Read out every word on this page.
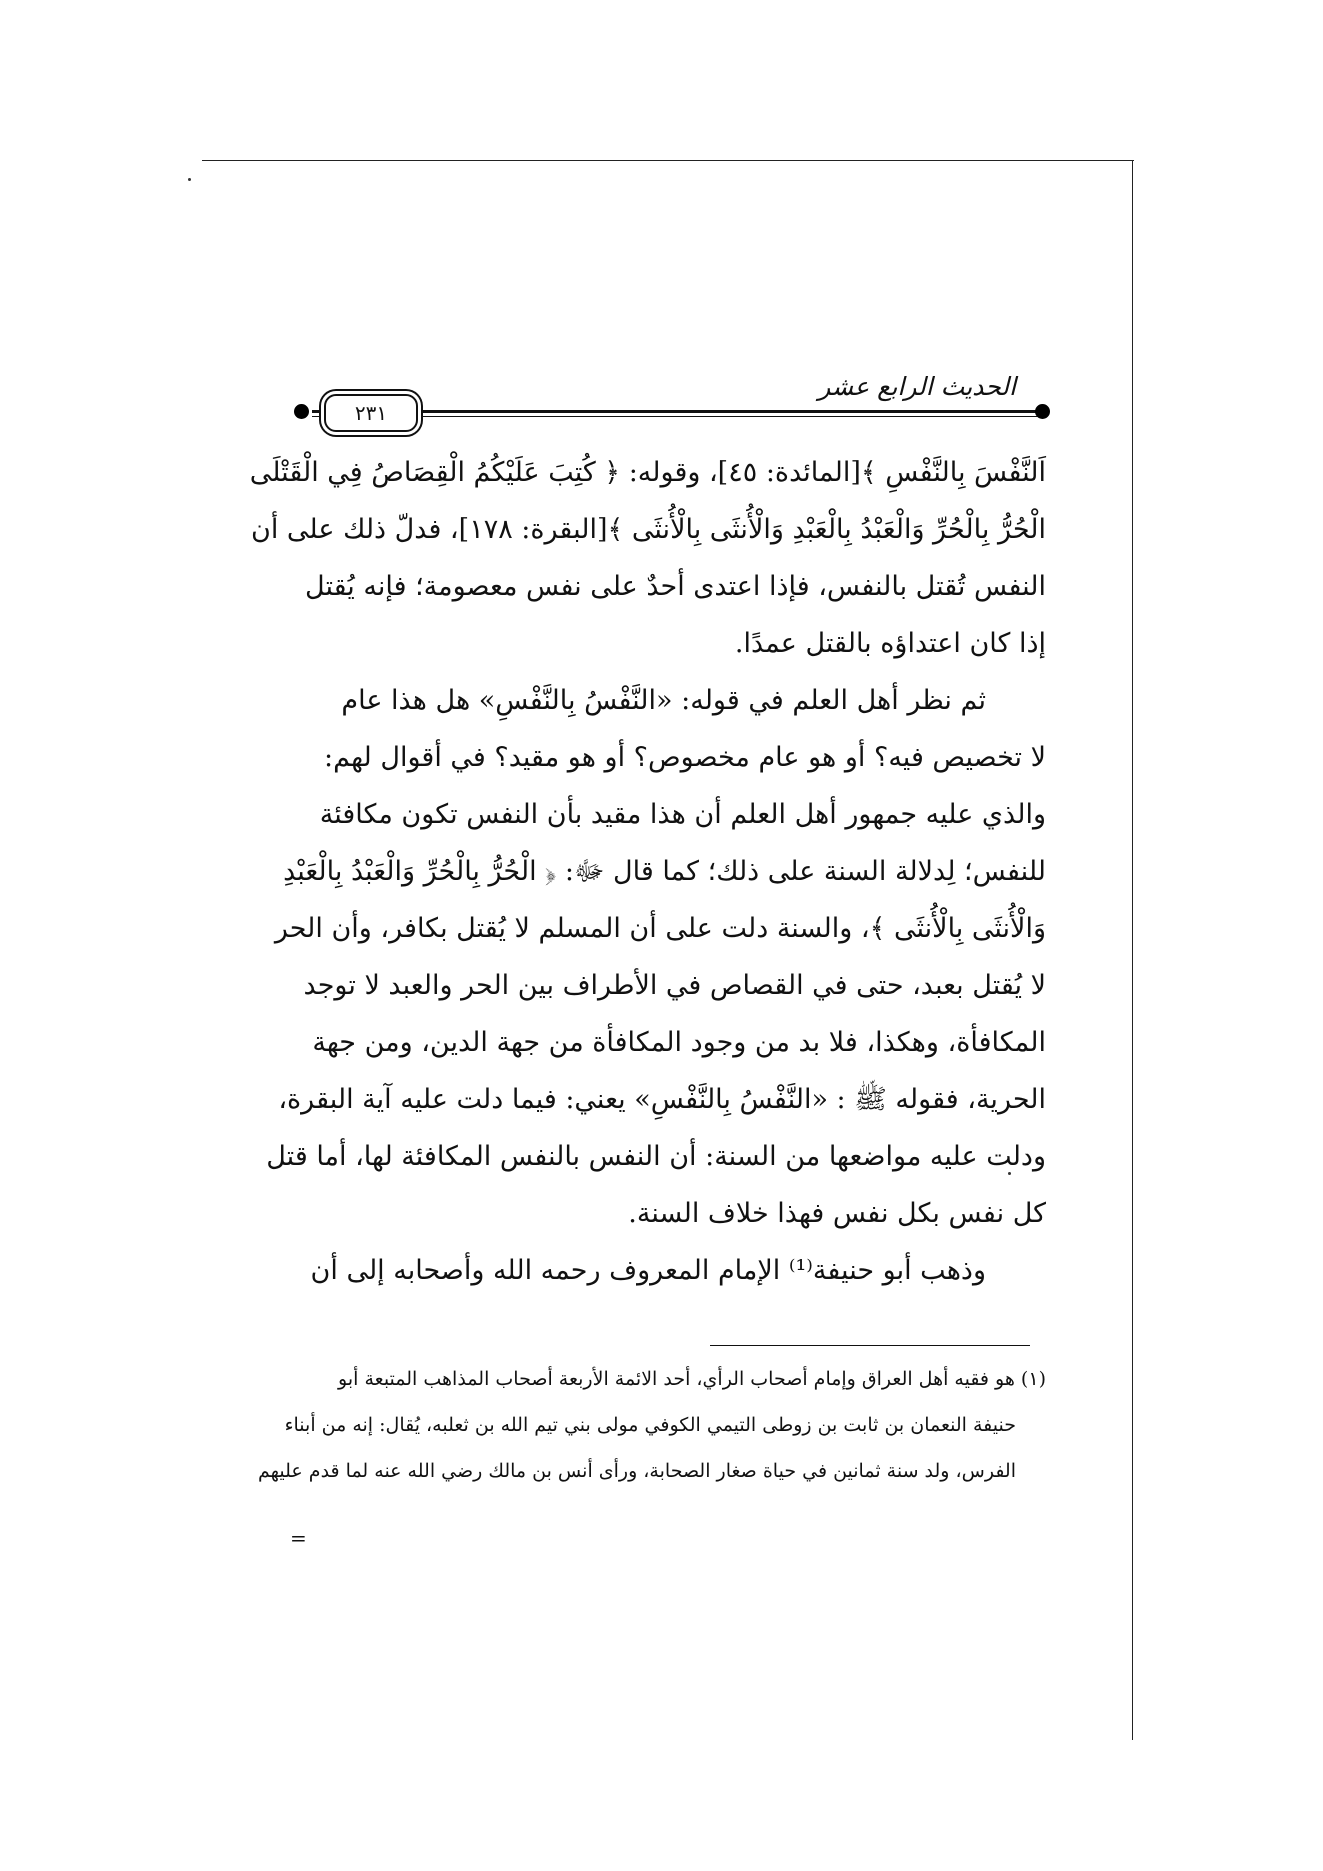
٢٣١
الحديث الرابع عشر
اَلنَّفْسَ بِالنَّفْسِ ﴾[المائدة: ٤٥]، وقوله: ﴿ كُتِبَ عَلَيْكُمُ الْقِصَاصُ فِي الْقَتْلَى
الْحُرُّ بِالْحُرِّ وَالْعَبْدُ بِالْعَبْدِ وَالْأُنثَى بِالْأُنثَى ﴾[البقرة: ١٧٨]، فدلّ ذلك على أن
النفس تُقتل بالنفس، فإذا اعتدى أحدٌ على نفس معصومة؛ فإنه يُقتل
إذا كان اعتداؤه بالقتل عمدًا.
ثم نظر أهل العلم في قوله: «النَّفْسُ بِالنَّفْسِ» هل هذا عام
لا تخصيص فيه؟ أو هو عام مخصوص؟ أو هو مقيد؟ في أقوال لهم:
والذي عليه جمهور أهل العلم أن هذا مقيد بأن النفس تكون مكافئة
للنفس؛ لِدلالة السنة على ذلك؛ كما قال ﷻ: ﴿ الْحُرُّ بِالْحُرِّ وَالْعَبْدُ بِالْعَبْدِ
وَالْأُنثَى بِالْأُنثَى ﴾، والسنة دلت على أن المسلم لا يُقتل بكافر، وأن الحر
لا يُقتل بعبد، حتى في القصاص في الأطراف بين الحر والعبد لا توجد
المكافأة، وهكذا، فلا بد من وجود المكافأة من جهة الدين، ومن جهة
الحرية، فقوله ﷺ : «النَّفْسُ بِالنَّفْسِ» يعني: فيما دلت عليه آية البقرة،
ودلت عليه مواضعها من السنة: أن النفس بالنفس المكافئة لها، أما قتل
كل نفس بكل نفس فهذا خلاف السنة.
وذهب أبو حنيفة⁽¹⁾ الإمام المعروف رحمه الله وأصحابه إلى أن
(١) هو فقيه أهل العراق وإمام أصحاب الرأي، أحد الائمة الأربعة أصحاب المذاهب المتبعة أبو
حنيفة النعمان بن ثابت بن زوطى التيمي الكوفي مولى بني تيم الله بن ثعلبه، يُقال: إنه من أبناء
الفرس، ولد سنة ثمانين في حياة صغار الصحابة، ورأى أنس بن مالك رضي الله عنه لما قدم عليهم
=
